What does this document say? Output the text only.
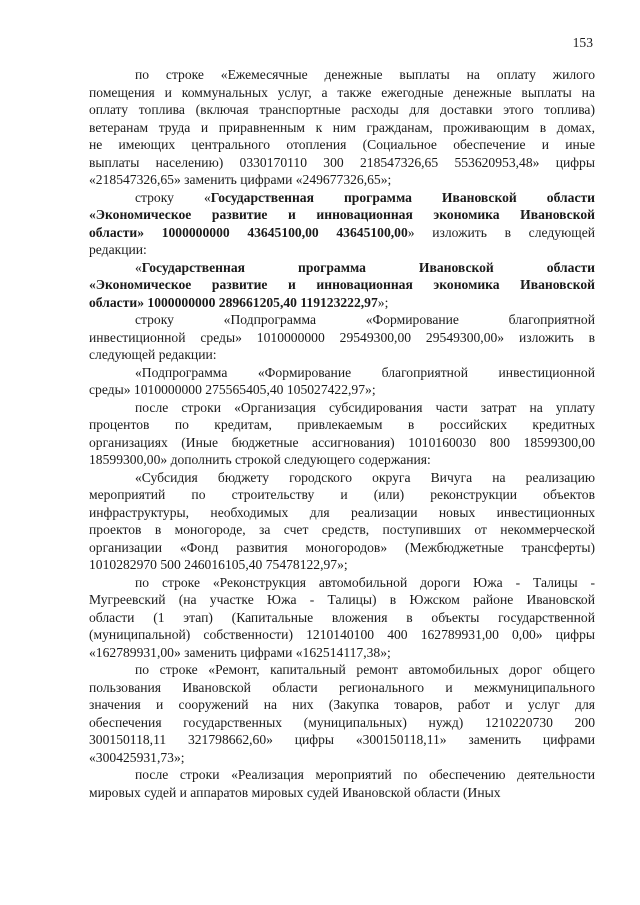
153
по строке «Ежемесячные денежные выплаты на оплату жилого
помещения и коммунальных услуг, а также ежегодные денежные выплаты на
оплату топлива (включая транспортные расходы для доставки этого топлива)
ветеранам труда и приравненным к ним гражданам, проживающим в домах,
не имеющих центрального отопления (Социальное обеспечение и иные
выплаты населению) 0330170110 300 218547326,65 553620953,48» цифры
«218547326,65» заменить цифрами «249677326,65»;
строку «Государственная программа Ивановской области
«Экономическое развитие и инновационная экономика Ивановской
области» 1000000000 43645100,00 43645100,00» изложить в следующей
редакции:
«Государственная программа Ивановской области
«Экономическое развитие и инновационная экономика Ивановской
области» 1000000000 289661205,40 119123222,97»;
строку «Подпрограмма «Формирование благоприятной
инвестиционной среды» 1010000000 29549300,00 29549300,00» изложить в
следующей редакции:
«Подпрограмма «Формирование благоприятной инвестиционной
среды» 1010000000 275565405,40 105027422,97»;
после строки «Организация субсидирования части затрат на уплату
процентов по кредитам, привлекаемым в российских кредитных
организациях (Иные бюджетные ассигнования) 1010160030 800 18599300,00
18599300,00» дополнить строкой следующего содержания:
«Субсидия бюджету городского округа Вичуга на реализацию
мероприятий по строительству и (или) реконструкции объектов
инфраструктуры, необходимых для реализации новых инвестиционных
проектов в моногороде, за счет средств, поступивших от некоммерческой
организации «Фонд развития моногородов» (Межбюджетные трансферты)
1010282970 500 246016105,40 75478122,97»;
по строке «Реконструкция автомобильной дороги Южа - Талицы -
Мугреевский (на участке Южа - Талицы) в Южском районе Ивановской
области (1 этап) (Капитальные вложения в объекты государственной
(муниципальной) собственности) 1210140100 400 162789931,00 0,00» цифры
«162789931,00» заменить цифрами «162514117,38»;
по строке «Ремонт, капитальный ремонт автомобильных дорог общего
пользования Ивановской области регионального и межмуниципального
значения и сооружений на них (Закупка товаров, работ и услуг для
обеспечения государственных (муниципальных) нужд) 1210220730 200
300150118,11 321798662,60» цифры «300150118,11» заменить цифрами
«300425931,73»;
после строки «Реализация мероприятий по обеспечению деятельности
мировых судей и аппаратов мировых судей Ивановской области (Иных
